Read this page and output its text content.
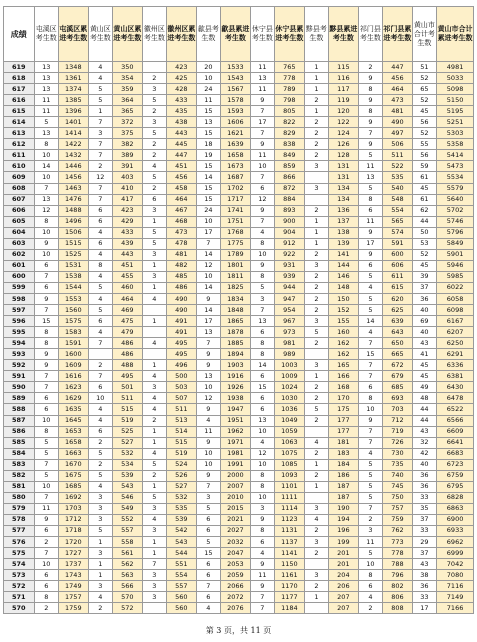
成绩	屯溪区考生数	屯溪区累进考生数	黄山区考生数	黄山区累进考生数	徽州区考生数	徽州区累进考生数	歙县考生数	歙县累进考生数	休宁县考生数	休宁县累进考生数	黟县考生数	黟县累进考生数	祁门县考生数	祁门县累进考生数	黄山市合计考生数	黄山市合计累进考生数
619	13	1348	4	350		423	20	1533	11	765	1	115	2	447	51	4981
618	13	1361	4	354	2	425	10	1543	13	778	1	116	9	456	52	5033
617	13	1374	5	359	3	428	24	1567	11	789	1	117	8	464	65	5098
616	11	1385	5	364	5	433	11	1578	9	798	2	119	9	473	52	5150
615	11	1396	1	365	2	435	15	1593	7	805	1	120	8	481	45	5195
614	5	1401	7	372	3	438	13	1606	17	822	2	122	9	490	56	5251
613	13	1414	3	375	5	443	15	1621	7	829	2	124	7	497	52	5303
612	8	1422	7	382	2	445	18	1639	9	838	2	126	9	506	55	5358
611	10	1432	7	389	2	447	19	1658	11	849	2	128	5	511	56	5414
610	14	1446	2	391	4	451	15	1673	10	859	3	131	11	522	59	5473
609	10	1456	12	403	5	456	14	1687	7	866		131	13	535	61	5534
608	7	1463	7	410	2	458	15	1702	6	872	3	134	5	540	45	5579
607	13	1476	7	417	6	464	15	1717	12	884		134	8	548	61	5640
606	12	1488	6	423	3	467	24	1741	9	893	2	136	6	554	62	5702
605	8	1496	6	429	1	468	10	1751	7	900	1	137	11	565	44	5746
604	10	1506	4	433	5	473	17	1768	4	904	1	138	9	574	50	5796
603	9	1515	6	439	5	478	7	1775	8	912	1	139	17	591	53	5849
602	10	1525	4	443	3	481	14	1789	10	922	2	141	9	600	52	5901
601	6	1531	8	451	1	482	12	1801	9	931	3	144	6	606	45	5946
600	7	1538	4	455	3	485	10	1811	8	939	2	146	5	611	39	5985
599	6	1544	5	460	1	486	14	1825	5	944	2	148	4	615	37	6022
598	9	1553	4	464	4	490	9	1834	3	947	2	150	5	620	36	6058
597	7	1560	5	469		490	14	1848	7	954	2	152	5	625	40	6098
596	15	1575	6	475	1	491	17	1865	13	967	3	155	14	639	69	6167
595	8	1583	4	479		491	13	1878	6	973	5	160	4	643	40	6207
594	8	1591	7	486	4	495	7	1885	8	981	2	162	7	650	43	6250
593	9	1600		486		495	9	1894	8	989		162	15	665	41	6291
592	9	1609	2	488	1	496	9	1903	14	1003	3	165	7	672	45	6336
591	7	1616	7	495	4	500	13	1916	6	1009	1	166	7	679	45	6381
590	7	1623	6	501	3	503	10	1926	15	1024	2	168	6	685	49	6430
589	6	1629	10	511	4	507	12	1938	6	1030	2	170	8	693	48	6478
588	6	1635	4	515	4	511	9	1947	6	1036	5	175	10	703	44	6522
587	10	1645	4	519	2	513	4	1951	13	1049	2	177	9	712	44	6566
586	8	1653	6	525	1	514	11	1962	10	1059		177	7	719	43	6609
585	5	1658	2	527	1	515	9	1971	4	1063	4	181	7	726	32	6641
584	5	1663	5	532	4	519	10	1981	12	1075	2	183	4	730	42	6683
583	7	1670	2	534	5	524	10	1991	10	1085	1	184	5	735	40	6723
582	5	1675	5	539	2	526	9	2000	8	1093	2	186	5	740	36	6759
581	10	1685	4	543	1	527	7	2007	8	1101	1	187	5	745	36	6795
580	7	1692	3	546	5	532	3	2010	10	1111		187	5	750	33	6828
579	11	1703	3	549	3	535	5	2015	3	1114	3	190	7	757	35	6863
578	9	1712	3	552	4	539	6	2021	9	1123	4	194	2	759	37	6900
577	6	1718	5	557	3	542	6	2027	8	1131	2	196	3	762	33	6933
576	2	1720	1	558	1	543	5	2032	6	1137	3	199	11	773	29	6962
575	7	1727	3	561	1	544	15	2047	4	1141	2	201	5	778	37	6999
574	10	1737	1	562	7	551	6	2053	9	1150		201	10	788	43	7042
573	6	1743	1	563	3	554	6	2059	11	1161	3	204	8	796	38	7080
572	6	1749	3	566	3	557	7	2066	9	1170	2	206	6	802	36	7116
571	8	1757	4	570	3	560	6	2072	7	1177	1	207	4	806	33	7149
570	2	1759	2	572		560	4	2076	7	1184		207	2	808	17	7166
第 3 页，共 11 页
